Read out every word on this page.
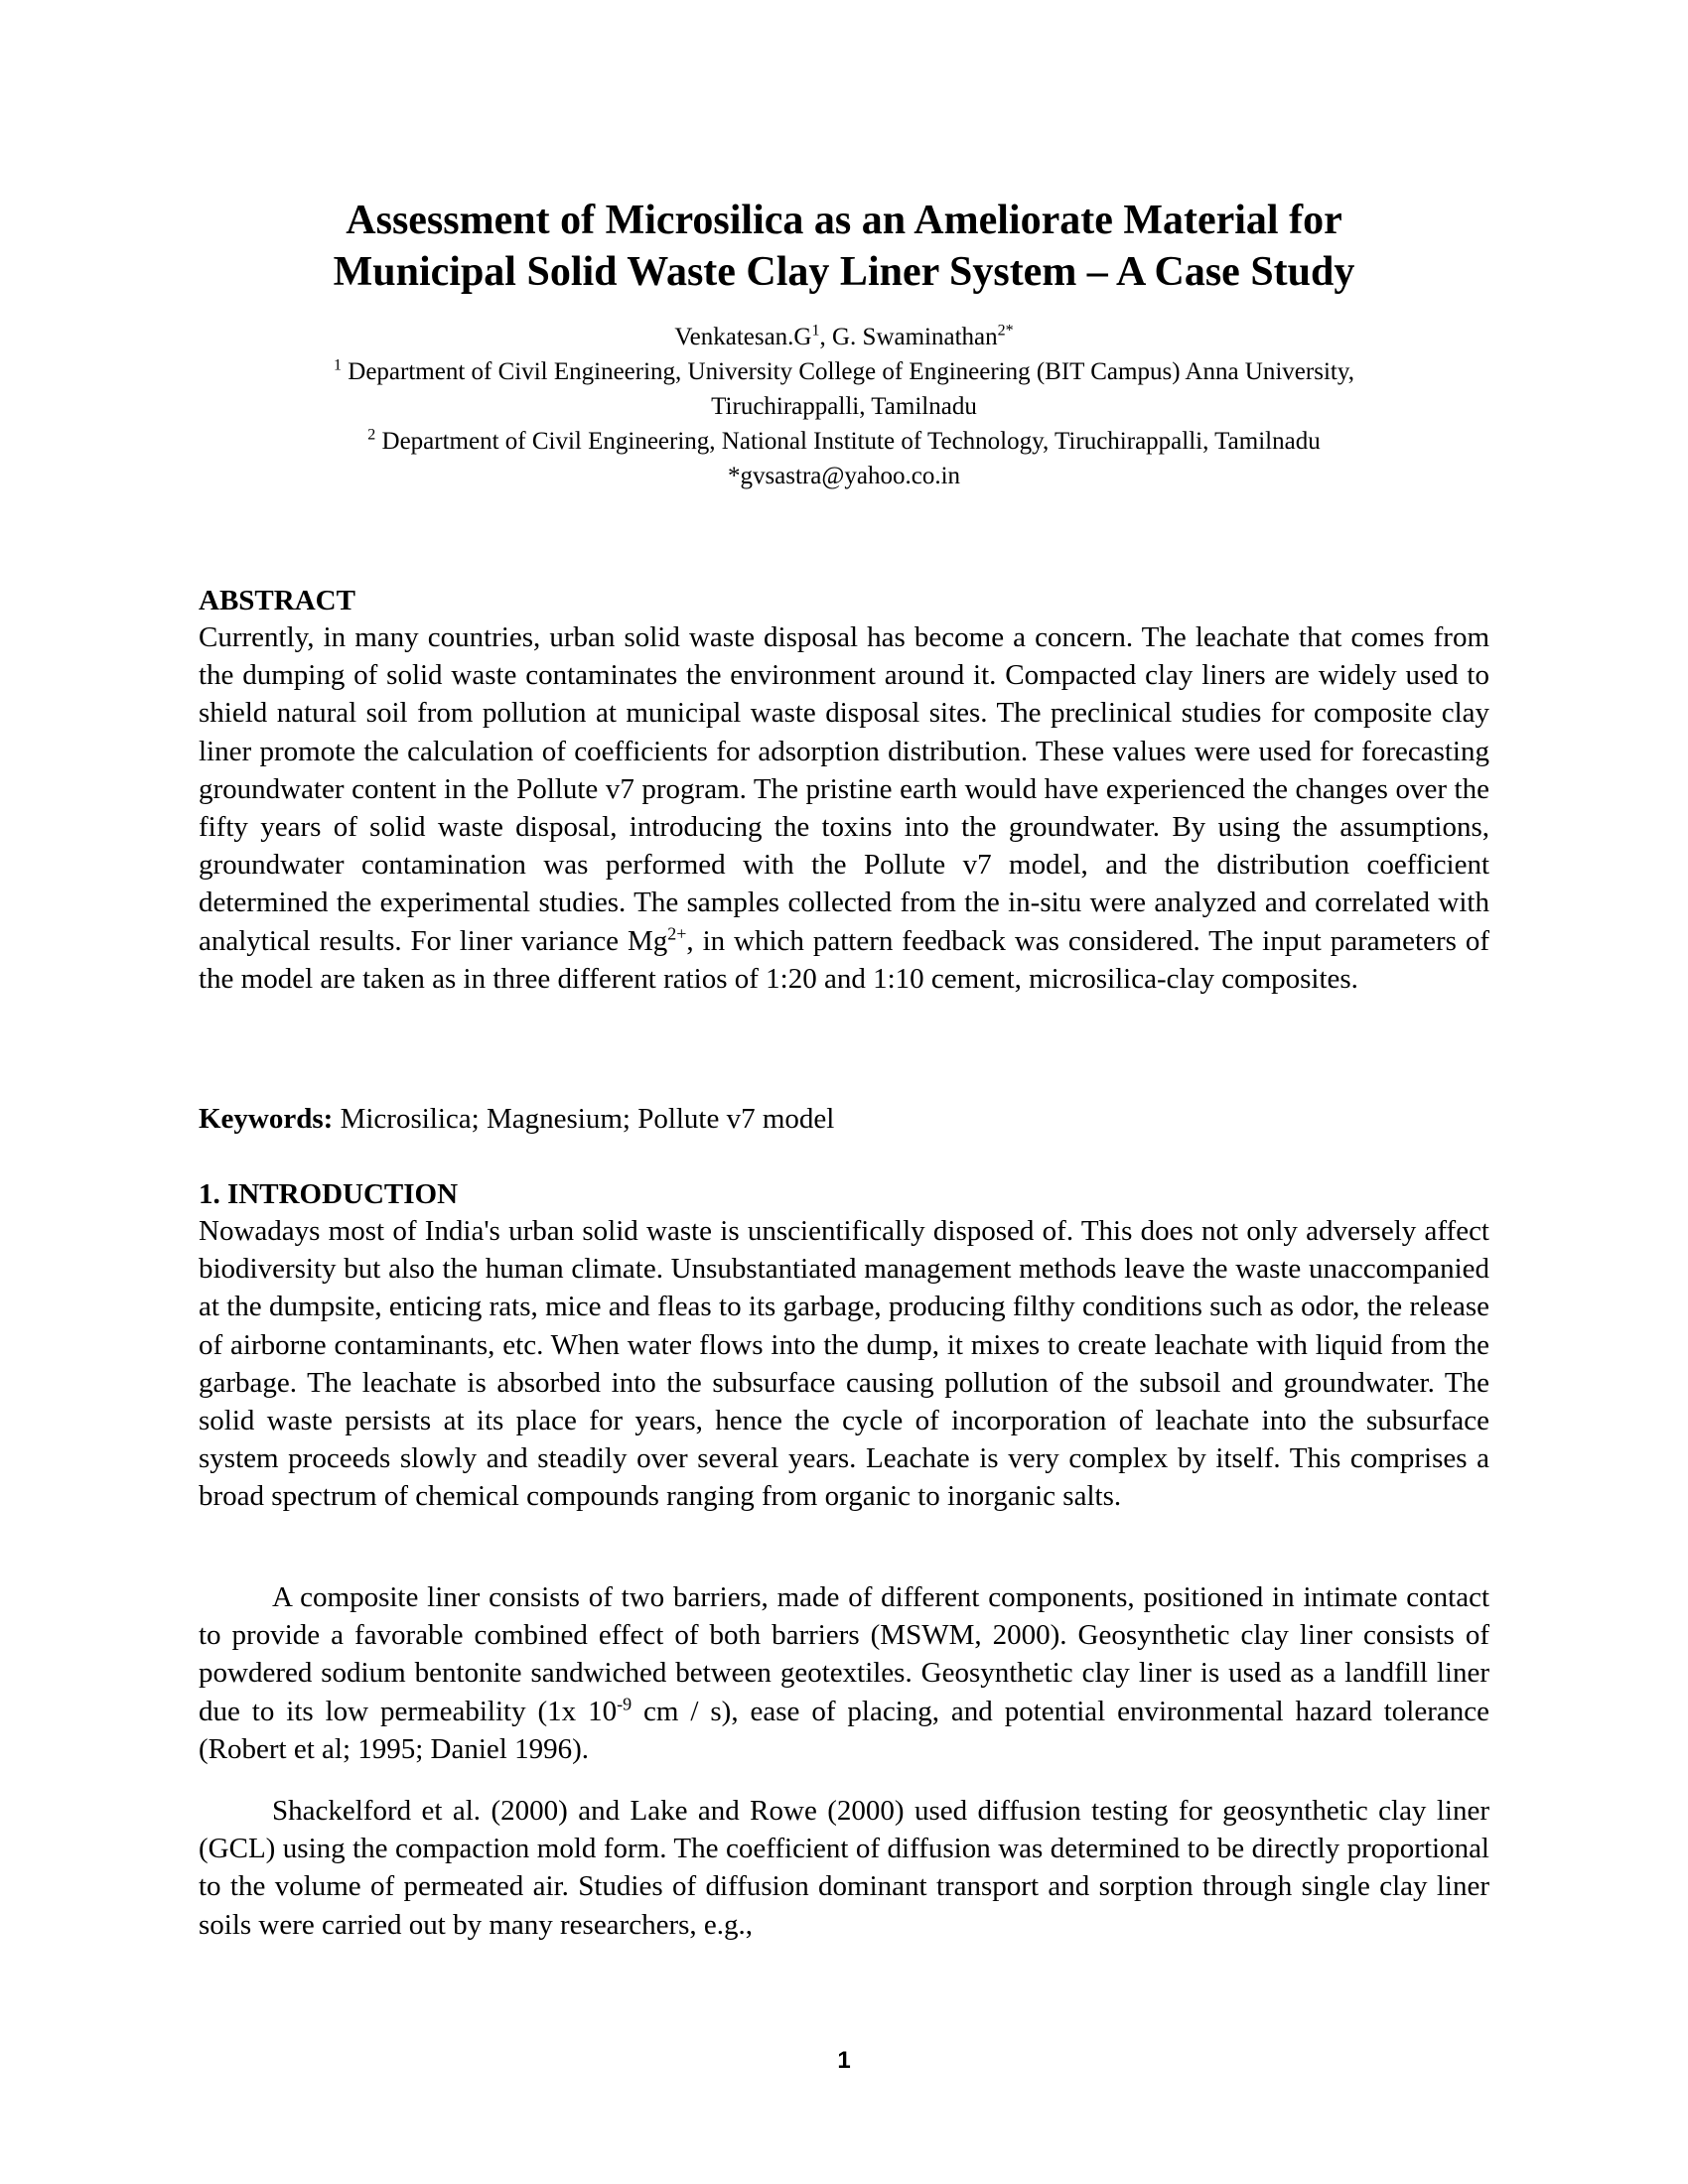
Assessment of Microsilica as an Ameliorate Material for
Municipal Solid Waste Clay Liner System – A Case Study
$Venkatesan.G^1$, G. Swaminathan$^{2*}$
$^1$ Department of Civil Engineering, University College of Engineering (BIT Campus) Anna University,
Tiruchirappalli, Tamilnadu
$^2$ Department of Civil Engineering, National Institute of Technology, Tiruchirappalli, Tamilnadu
*gvsastra@yahoo.co.in
ABSTRACT

Currently, in many countries, urban solid waste disposal has become a concern. The leachate that comes from the dumping of solid waste contaminates the environment around it. Compacted clay liners are widely used to shield natural soil from pollution at municipal waste disposal sites. The preclinical studies for composite clay liner promote the calculation of coefficients for adsorption distribution. These values were used for forecasting groundwater content in the Pollute v7 program. The pristine earth would have experienced the changes over the fifty years of solid waste disposal, introducing the toxins into the groundwater. By using the assumptions, groundwater contamination was performed with the Pollute v7 model, and the distribution coefficient determined the experimental studies. The samples collected from the in-situ were analyzed and correlated with analytical results. For liner variance $Mg^{2+}$, in which pattern feedback was considered. The input parameters of the model are taken as in three different ratios of 1:20 and 1:10 cement, microsilica-clay composites.

Keywords: Microsilica; Magnesium; Pollute v7 model

1. INTRODUCTION

Nowadays most of India's urban solid waste is unscientifically disposed of. This does not only adversely affect biodiversity but also the human climate. Unsubstantiated management methods leave the waste unaccompanied at the dumpsite, enticing rats, mice and fleas to its garbage, producing filthy conditions such as odor, the release of airborne contaminants, etc. When water flows into the dump, it mixes to create leachate with liquid from the garbage. The leachate is absorbed into the subsurface causing pollution of the subsoil and groundwater. The solid waste persists at its place for years, hence the cycle of incorporation of leachate into the subsurface system proceeds slowly and steadily over several years. Leachate is very complex by itself. This comprises a broad spectrum of chemical compounds ranging from organic to inorganic salts.

A composite liner consists of two barriers, made of different components, positioned in intimate contact to provide a favorable combined effect of both barriers (MSWM, 2000). Geosynthetic clay liner consists of powdered sodium bentonite sandwiched between geotextiles. Geosynthetic clay liner is used as a landfill liner due to its low permeability (1x $10^{-9}$ cm / s), ease of placing, and potential environmental hazard tolerance (Robert et al; 1995; Daniel 1996).

Shackelford et al. (2000) and Lake and Rowe (2000) used diffusion testing for geosynthetic clay liner (GCL) using the compaction mold form. The coefficient of diffusion was determined to be directly proportional to the volume of permeated air. Studies of diffusion dominant transport and sorption through single clay liner soils were carried out by many researchers, e.g.,

1
